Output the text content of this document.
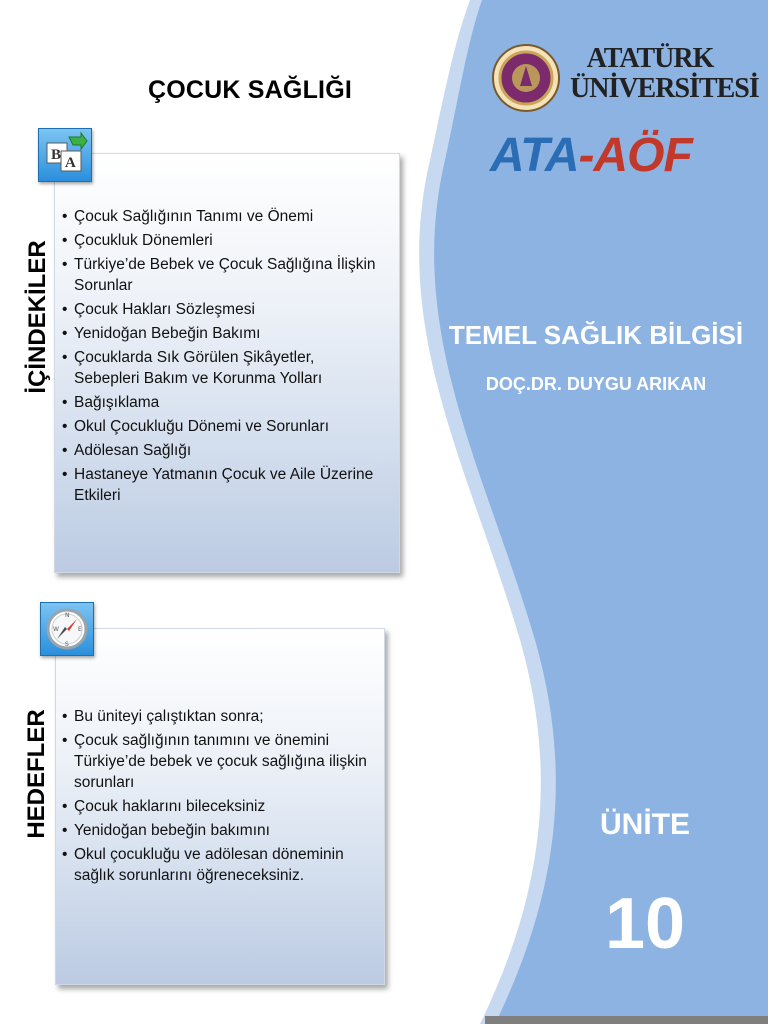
ÇOCUK SAĞLIĞI
B A
İÇİNDEKİLER
• Çocuk Sağlığının Tanımı ve Önemi
• Çocukluk Dönemleri
• Türkiye’de Bebek ve Çocuk Sağlığına İlişkin Sorunlar
• Çocuk Hakları Sözleşmesi
• Yenidoğan Bebeğin Bakımı
• Çocuklarda Sık Görülen Şikâyetler, Sebepleri Bakım ve Korunma Yolları
• Bağışıklama
• Okul Çocukluğu Dönemi ve Sorunları
• Adölesan Sağlığı
• Hastaneye Yatmanın Çocuk ve Aile Üzerine Etkileri
N
S
W	E
HEDEFLER
•	Bu üniteyi çalıştıktan sonra;
• Çocuk sağlığının tanımını ve önemini Türkiye’de bebek ve çocuk sağlığına ilişkin sorunları
• Çocuk haklarını bileceksiniz
• Yenidoğan bebeğin bakımını
• Okul çocukluğu ve adölesan döneminin sağlık sorunlarını öğreneceksiniz.
ATATÜRK
ÜNİVERSİTESİ
ATA-AÖF
TEMEL SAĞLIK BİLGİSİ
DOÇ.DR. DUYGU ARIKAN
ÜNİTE
10
